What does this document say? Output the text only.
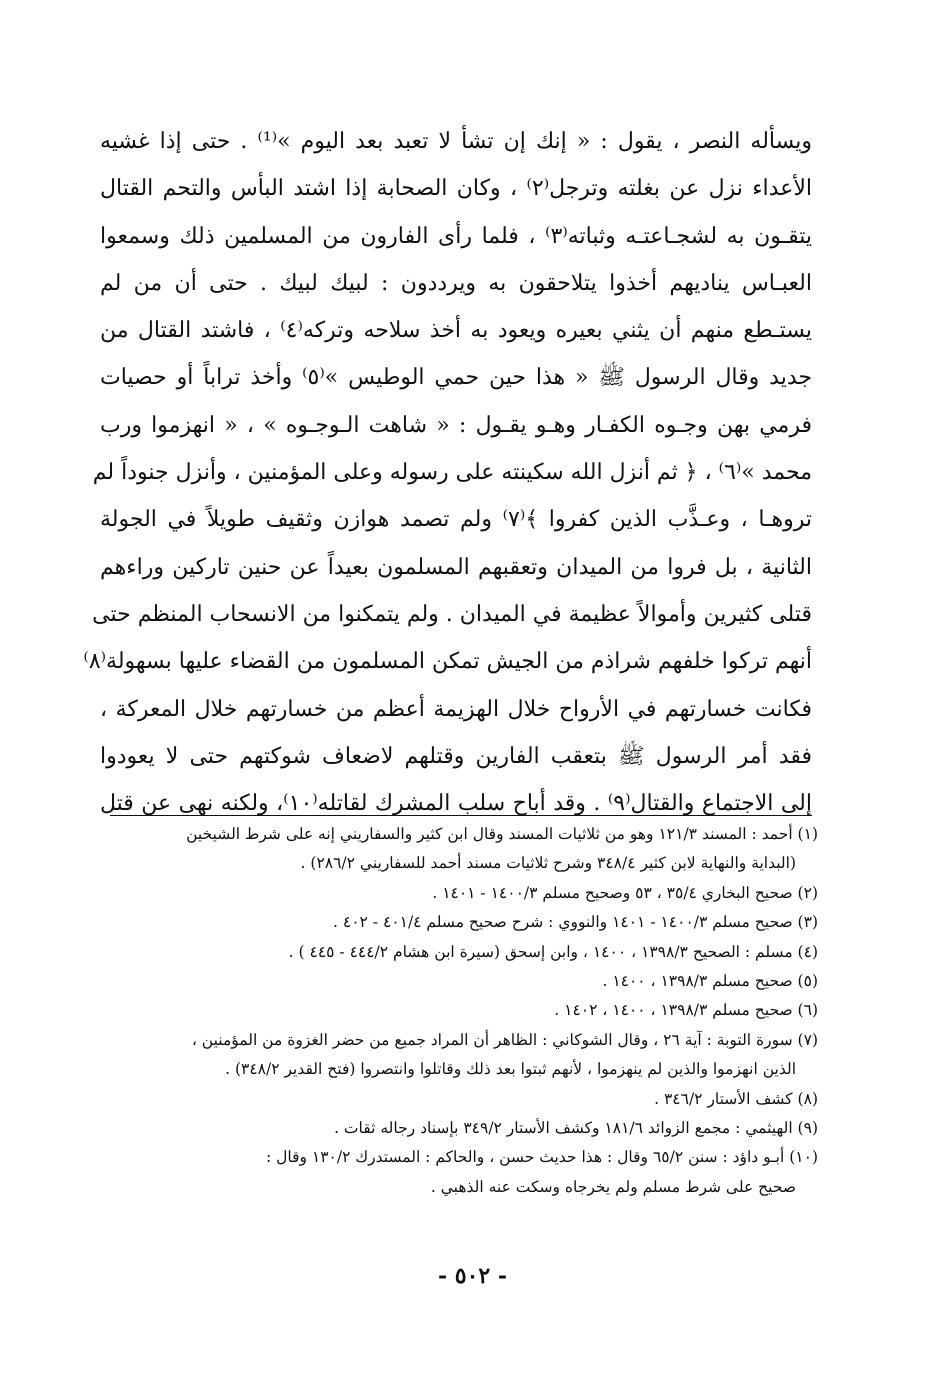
ويسأله النصر ، يقول : « إنك إن تشأ لا تعبد بعد اليوم »⁽¹⁾ . حتى إذا غشيه
الأعداء نزل عن بغلته وترجل⁽٢⁾ ، وكان الصحابة إذا اشتد البأس والتحم القتال
يتقـون به لشجـاعتـه وثباته⁽٣⁾ ، فلما رأى الفارون من المسلمين ذلك وسمعوا
العبـاس يناديهم أخذوا يتلاحقون به ويرددون : لبيك لبيك . حتى أن من لم
يستـطع منهم أن يثني بعيره ويعود به أخذ سلاحه وتركه⁽٤⁾ ، فاشتد القتال من
جديد وقال الرسول ﷺ « هذا حين حمي الوطيس »⁽٥⁾ وأخذ تراباً أو حصيات
فرمي بهن وجـوه الكفـار وهـو يقـول : « شاهت الـوجـوه » ، « انهزموا ورب
محمد »⁽٦⁾ ، ﴿ ثم أنزل الله سكينته على رسوله وعلى المؤمنين ، وأنزل جنوداً لم
تروهـا ، وعـذَّب الذين كفروا ﴾⁽٧⁾ ولم تصمد هوازن وثقيف طويلاً في الجولة
الثانية ، بل فروا من الميدان وتعقبهم المسلمون بعيداً عن حنين تاركين وراءهم
قتلى كثيرين وأموالاً عظيمة في الميدان . ولم يتمكنوا من الانسحاب المنظم حتى
أنهم تركوا خلفهم شراذم من الجيش تمكن المسلمون من القضاء عليها بسهولة⁽٨⁾
فكانت خسارتهم في الأرواح خلال الهزيمة أعظم من خسارتهم خلال المعركة ،
فقد أمر الرسول ﷺ بتعقب الفارين وقتلهم لاضعاف شوكتهم حتى لا يعودوا
إلى الاجتماع والقتال⁽٩⁾ . وقد أباح سلب المشرك لقاتله⁽١٠⁾، ولكنه نهى عن قتل
(١) أحمد : المسند ١٢١/٣ وهو من ثلاثيات المسند وقال ابن كثير والسفاريني إنه على شرط الشيخين
(البداية والنهاية لابن كثير ٣٤٨/٤ وشرح ثلاثيات مسند أحمد للسفاريني ٢٨٦/٢) .
(٢) صحيح البخاري ٣٥/٤ ، ٥٣ وصحيح مسلم ١٤٠٠/٣ - ١٤٠١ .
(٣) صحيح مسلم ١٤٠٠/٣ - ١٤٠١ والنووي : شرح صحيح مسلم ٤٠١/٤ - ٤٠٢ .
(٤) مسلم : الصحيح ١٣٩٨/٣ ، ١٤٠٠ ، وابن إسحق (سيرة ابن هشام ٤٤٤/٢ - ٤٤٥ ) .
(٥) صحيح مسلم ١٣٩٨/٣ ، ١٤٠٠ .
(٦) صحيح مسلم ١٣٩٨/٣ ، ١٤٠٠ ، ١٤٠٢ .
(٧) سورة التوبة : آية ٢٦ ، وقال الشوكاني : الظاهر أن المراد جميع من حضر الغزوة من المؤمنين ،
الذين انهزموا والذين لم ينهزموا ، لأنهم ثبتوا بعد ذلك وقاتلوا وانتصروا (فتح القدير ٣٤٨/٢) .
(٨) كشف الأستار ٣٤٦/٢ .
(٩) الهيثمي : مجمع الزوائد ١٨١/٦ وكشف الأستار ٣٤٩/٢ بإسناد رجاله ثقات .
(١٠) أبـو داؤد : سنن ٦٥/٢ وقال : هذا حديث حسن ، والحاكم : المستدرك ١٣٠/٢ وقال :
صحيح على شرط مسلم ولم يخرجاه وسكت عنه الذهبي .
- ٥٠٢ -
